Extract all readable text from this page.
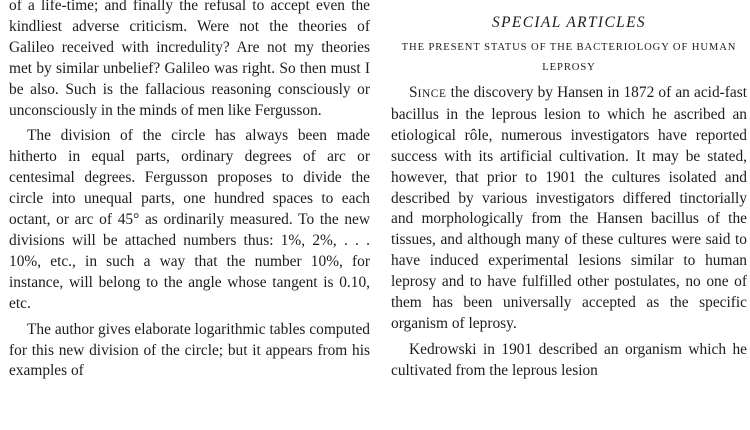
of a life-time; and finally the refusal to accept even the kindliest adverse criticism. Were not the theories of Galileo received with incredulity? Are not my theories met by similar unbelief? Galileo was right. So then must I be also. Such is the fallacious reasoning consciously or unconsciously in the minds of men like Fergusson.

The division of the circle has always been made hitherto in equal parts, ordinary degrees of arc or centesimal degrees. Fergusson proposes to divide the circle into unequal parts, one hundred spaces to each octant, or arc of 45° as ordinarily measured. To the new divisions will be attached numbers thus: 1%, 2%, . . . 10%, etc., in such a way that the number 10%, for instance, will belong to the angle whose tangent is 0.10, etc.

The author gives elaborate logarithmic tables computed for this new division of the circle; but it appears from his examples of

SPECIAL ARTICLES
THE PRESENT STATUS OF THE BACTERIOLOGY OF HUMAN LEPROSY

SINCE the discovery by Hansen in 1872 of an acid-fast bacillus in the leprous lesion to which he ascribed an etiological rôle, numerous investigators have reported success with its artificial cultivation. It may be stated, however, that prior to 1901 the cultures isolated and described by various investigators differed tinctorially and morphologically from the Hansen bacillus of the tissues, and although many of these cultures were said to have induced experimental lesions similar to human leprosy and to have fulfilled other postulates, no one of them has been universally accepted as the specific organism of leprosy.

Kedrowski in 1901 described an organism which he cultivated from the leprous lesion
